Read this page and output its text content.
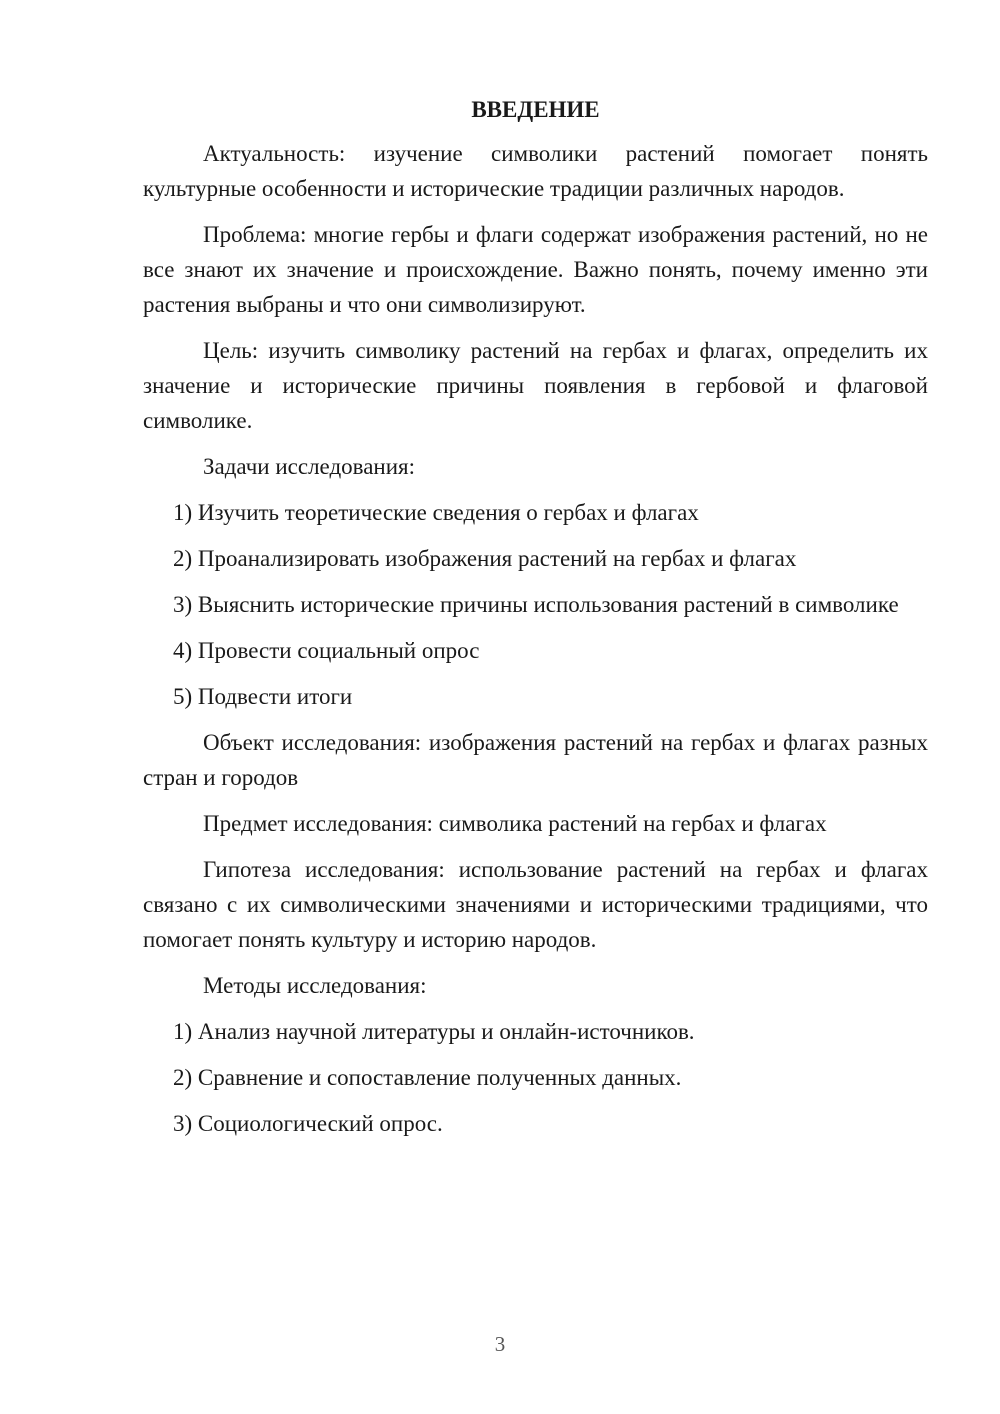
ВВЕДЕНИЕ

Актуальность: изучение символики растений помогает понять культурные особенности и исторические традиции различных народов.

Проблема: многие гербы и флаги содержат изображения растений, но не все знают их значение и происхождение. Важно понять, почему именно эти растения выбраны и что они символизируют.

Цель: изучить символику растений на гербах и флагах, определить их значение и исторические причины появления в гербовой и флаговой символике.

Задачи исследования:

1) Изучить теоретические сведения о гербах и флагах

2) Проанализировать изображения растений на гербах и флагах

3) Выяснить исторические причины использования растений в символике

4) Провести социальный опрос

5) Подвести итоги

Объект исследования: изображения растений на гербах и флагах разных стран и городов

Предмет исследования: символика растений на гербах и флагах

Гипотеза исследования: использование растений на гербах и флагах связано с их символическими значениями и историческими традициями, что помогает понять культуру и историю народов.

Методы исследования:

1) Анализ научной литературы и онлайн-источников.

2) Сравнение и сопоставление полученных данных.

3) Социологический опрос.

3
